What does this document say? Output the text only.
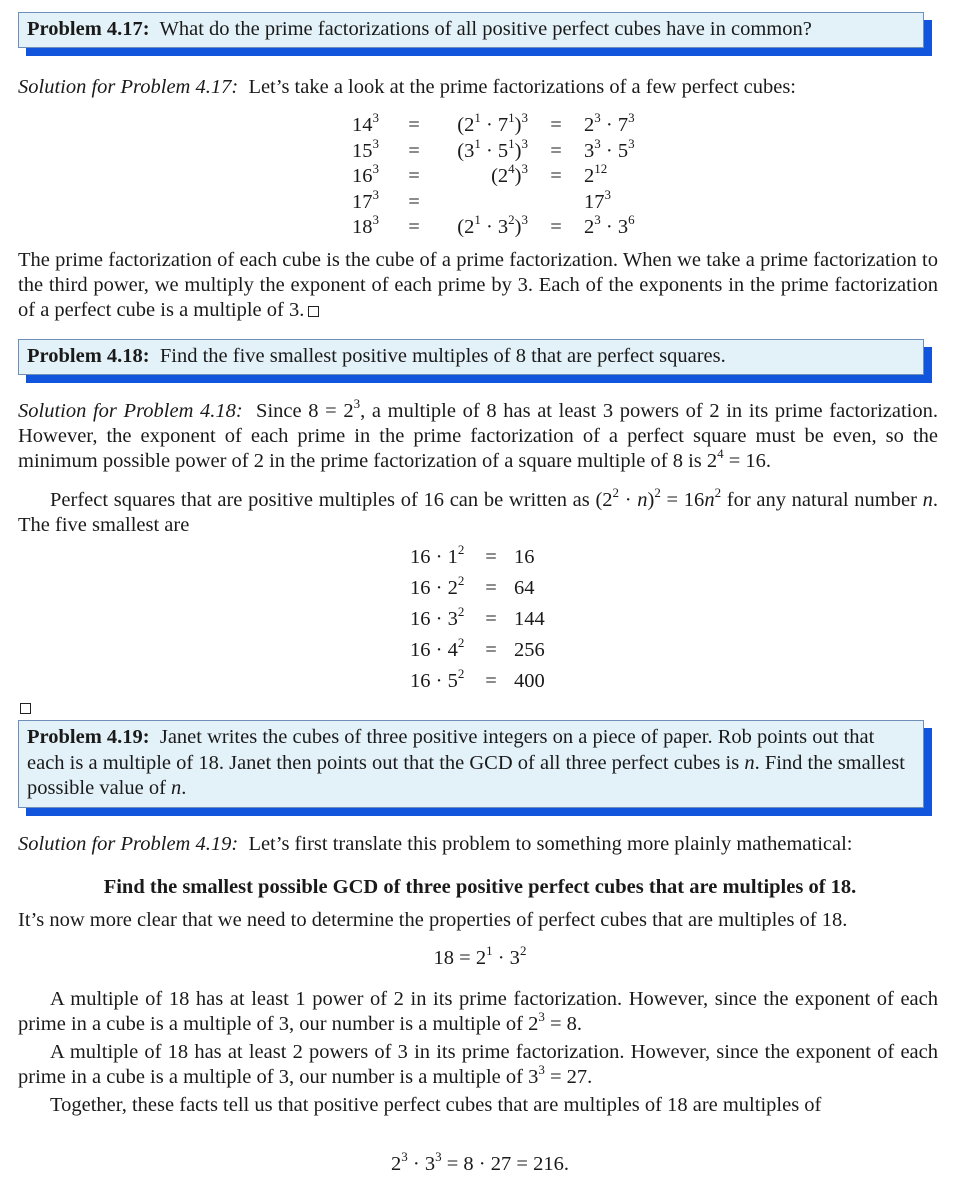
Problem 4.17: What do the prime factorizations of all positive perfect cubes have in common?
Solution for Problem 4.17: Let’s take a look at the prime factorizations of a few perfect cubes:
$14^3$	=	$(2^1 \cdot 7^1)^3$	=	$2^3 \cdot 7^3$
$15^3$	=	$(3^1 \cdot 5^1)^3$	=	$3^3 \cdot 5^3$
$16^3$	=	$(2^4)^3$	=	$2^{12}$
$17^3$	=			$17^3$
$18^3$	=	$(2^1 \cdot 3^2)^3$	=	$2^3 \cdot 3^6$
The prime factorization of each cube is the cube of a prime factorization. When we take a prime factorization to the third power, we multiply the exponent of each prime by 3. Each of the exponents in the prime factorization of a perfect cube is a multiple of 3.
Problem 4.18: Find the five smallest positive multiples of 8 that are perfect squares.
Solution for Problem 4.18: Since $8 = 2^3$, a multiple of 8 has at least 3 powers of 2 in its prime factorization. However, the exponent of each prime in the prime factorization of a perfect square must be even, so the minimum possible power of 2 in the prime factorization of a square multiple of 8 is $2^4 = 16$.
Perfect squares that are positive multiples of 16 can be written as $(2^2 \cdot n)^2 = 16n^2$ for any natural number n. The five smallest are
$16 \cdot 1^2$	=	16
$16 \cdot 2^2$	=	64
$16 \cdot 3^2$	=	144
$16 \cdot 4^2$	=	256
$16 \cdot 5^2$	=	400
Problem 4.19: Janet writes the cubes of three positive integers on a piece of paper. Rob points out that each is a multiple of 18. Janet then points out that the GCD of all three perfect cubes is n. Find the smallest possible value of n.
Solution for Problem 4.19: Let’s first translate this problem to something more plainly mathematical:
Find the smallest possible GCD of three positive perfect cubes that are multiples of 18.
It’s now more clear that we need to determine the properties of perfect cubes that are multiples of 18.
$18 = 2^1 \cdot 3^2$
A multiple of 18 has at least 1 power of 2 in its prime factorization. However, since the exponent of each prime in a cube is a multiple of 3, our number is a multiple of $2^3 = 8$.
A multiple of 18 has at least 2 powers of 3 in its prime factorization. However, since the exponent of each prime in a cube is a multiple of 3, our number is a multiple of $3^3 = 27$.
Together, these facts tell us that positive perfect cubes that are multiples of 18 are multiples of
$2^3 \cdot 3^3 = 8 \cdot 27 = 216$.
